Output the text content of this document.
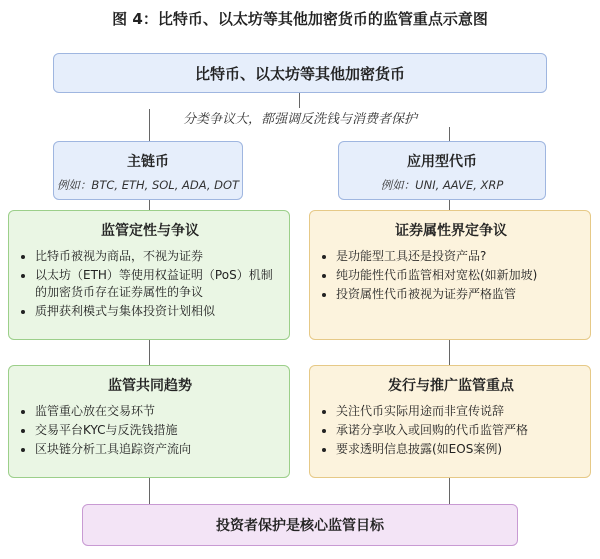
图 4：比特币、以太坊等其他加密货币的监管重点示意图
比特币、以太坊等其他加密货币
分类争议大，都强调反洗钱与消费者保护
主链币
例如：BTC, ETH, SOL, ADA, DOT
应用型代币
例如：UNI, AAVE, XRP
监管定性与争议
• 比特币被视为商品，不视为证券
• 以太坊（ETH）等使用权益证明（PoS）机制的加密货币存在证券属性的争议
• 质押获利模式与集体投资计划相似
证券属性界定争议
• 是功能型工具还是投资产品?
• 纯功能性代币监管相对宽松(如新加坡)
• 投资属性代币被视为证券严格监管
监管共同趋势
• 监管重心放在交易环节
• 交易平台KYC与反洗钱措施
• 区块链分析工具追踪资产流向
发行与推广监管重点
• 关注代币实际用途而非宣传说辞
• 承诺分享收入或回购的代币监管严格
• 要求透明信息披露(如EOS案例)
投资者保护是核心监管目标
